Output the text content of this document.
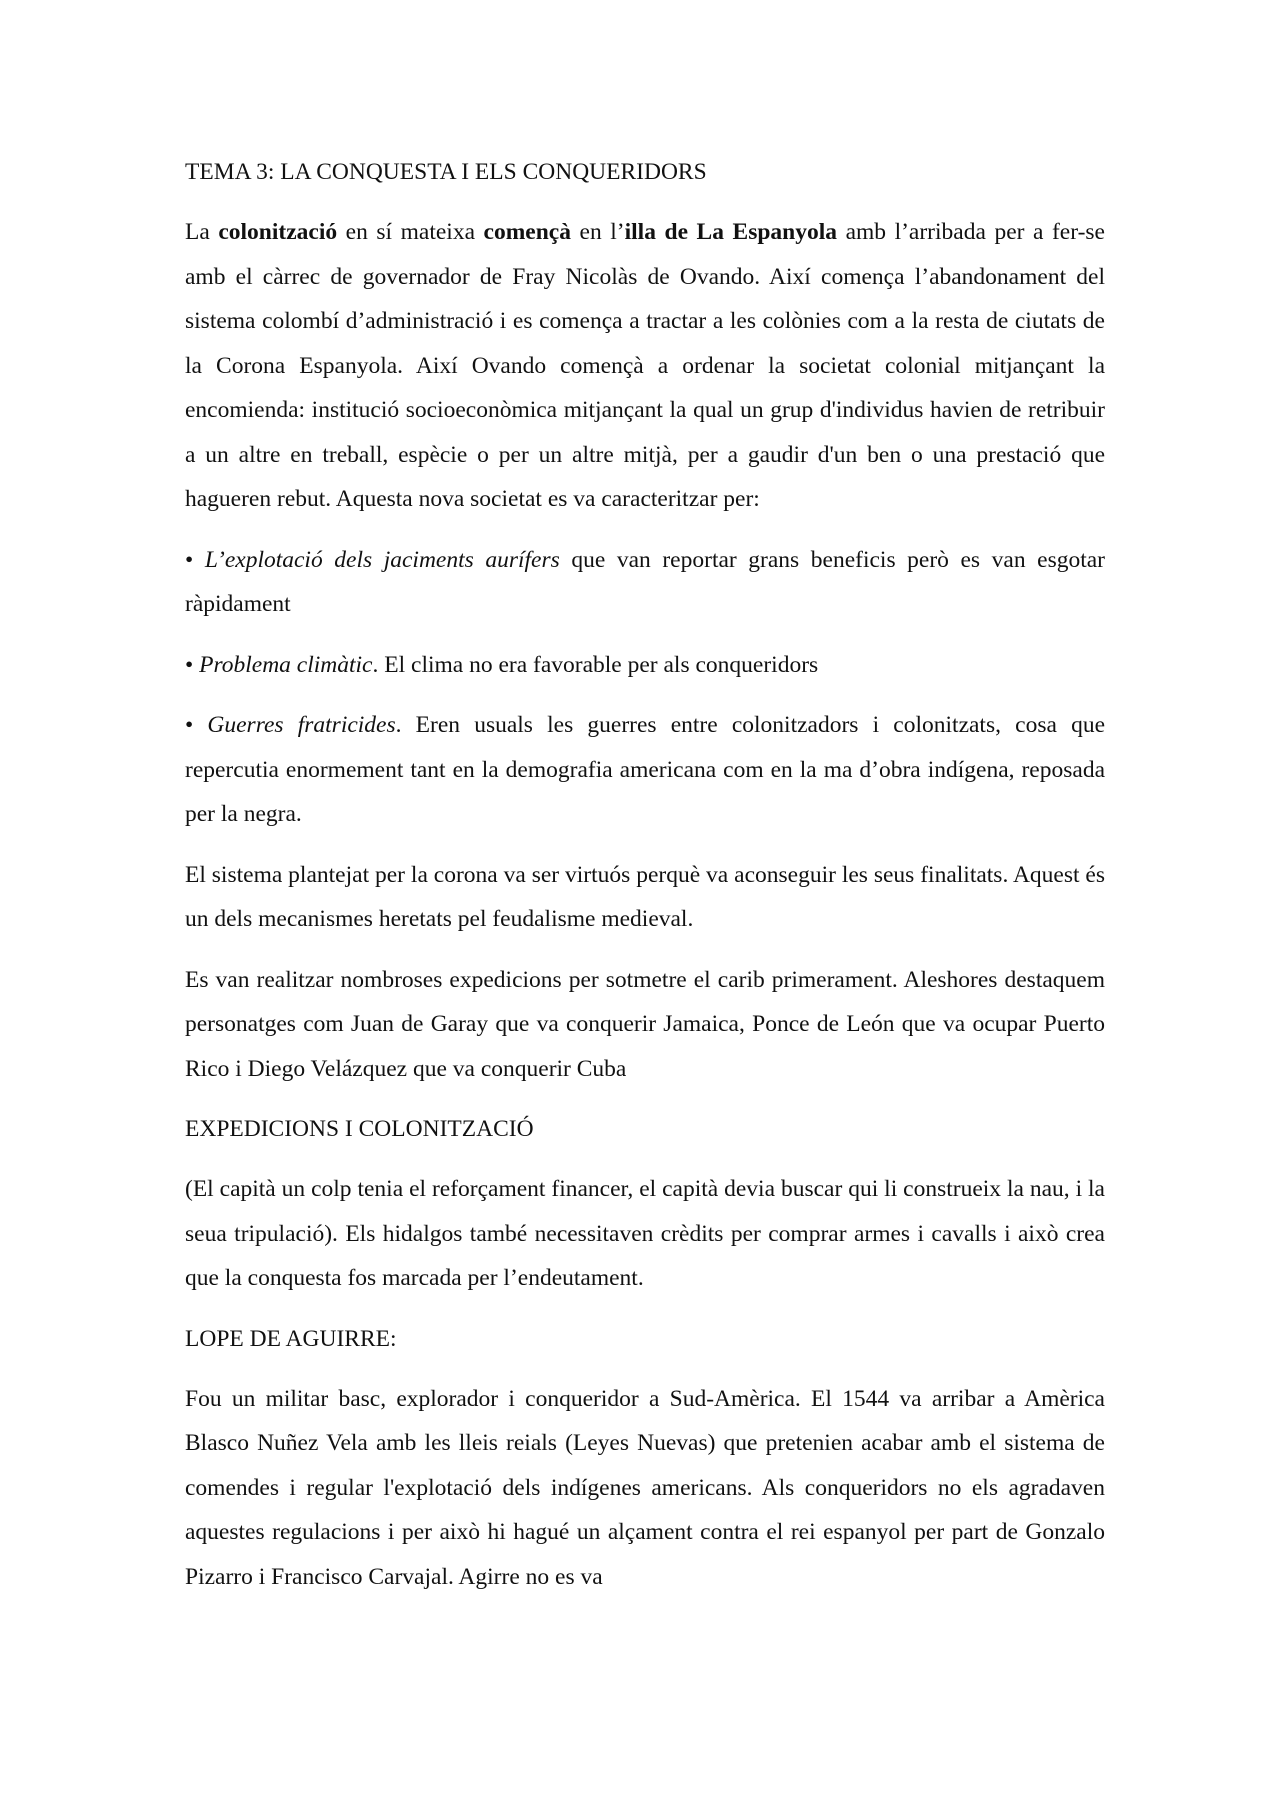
TEMA 3: LA CONQUESTA I ELS CONQUERIDORS
La colonització en sí mateixa començà en l’illa de La Espanyola amb l’arribada per a fer-se amb el càrrec de governador de Fray Nicolàs de Ovando. Així comença l’abandonament del sistema colombí d’administració i es comença a tractar a les colònies com a la resta de ciutats de la Corona Espanyola. Així Ovando començà a ordenar la societat colonial mitjançant la encomienda: institució socioeconòmica mitjançant la qual un grup d'individus havien de retribuir a un altre en treball, espècie o per un altre mitjà, per a gaudir d'un ben o una prestació que hagueren rebut. Aquesta nova societat es va caracteritzar per:
• L’explotació dels jaciments aurífers que van reportar grans beneficis però es van esgotar ràpidament
• Problema climàtic. El clima no era favorable per als conqueridors
• Guerres fratricides. Eren usuals les guerres entre colonitzadors i colonitzats, cosa que repercutia enormement tant en la demografia americana com en la ma d’obra indígena, reposada per la negra.
El sistema plantejat per la corona va ser virtuós perquè va aconseguir les seus finalitats. Aquest és un dels mecanismes heretats pel feudalisme medieval.
Es van realitzar nombroses expedicions per sotmetre el carib primerament. Aleshores destaquem personatges com Juan de Garay que va conquerir Jamaica, Ponce de León que va ocupar Puerto Rico i Diego Velázquez que va conquerir Cuba
EXPEDICIONS I COLONITZACIÓ
(El capità un colp tenia el reforçament financer, el capità devia buscar qui li construeix la nau, i la seua tripulació). Els hidalgos també necessitaven crèdits per comprar armes i cavalls i això crea que la conquesta fos marcada per l’endeutament.
LOPE DE AGUIRRE:
Fou un militar basc, explorador i conqueridor a Sud-Amèrica. El 1544 va arribar a Amèrica Blasco Nuñez Vela amb les lleis reials (Leyes Nuevas) que pretenien acabar amb el sistema de comendes i regular l'explotació dels indígenes americans. Als conqueridors no els agradaven aquestes regulacions i per això hi hagué un alçament contra el rei espanyol per part de Gonzalo Pizarro i Francisco Carvajal. Agirre no es va
